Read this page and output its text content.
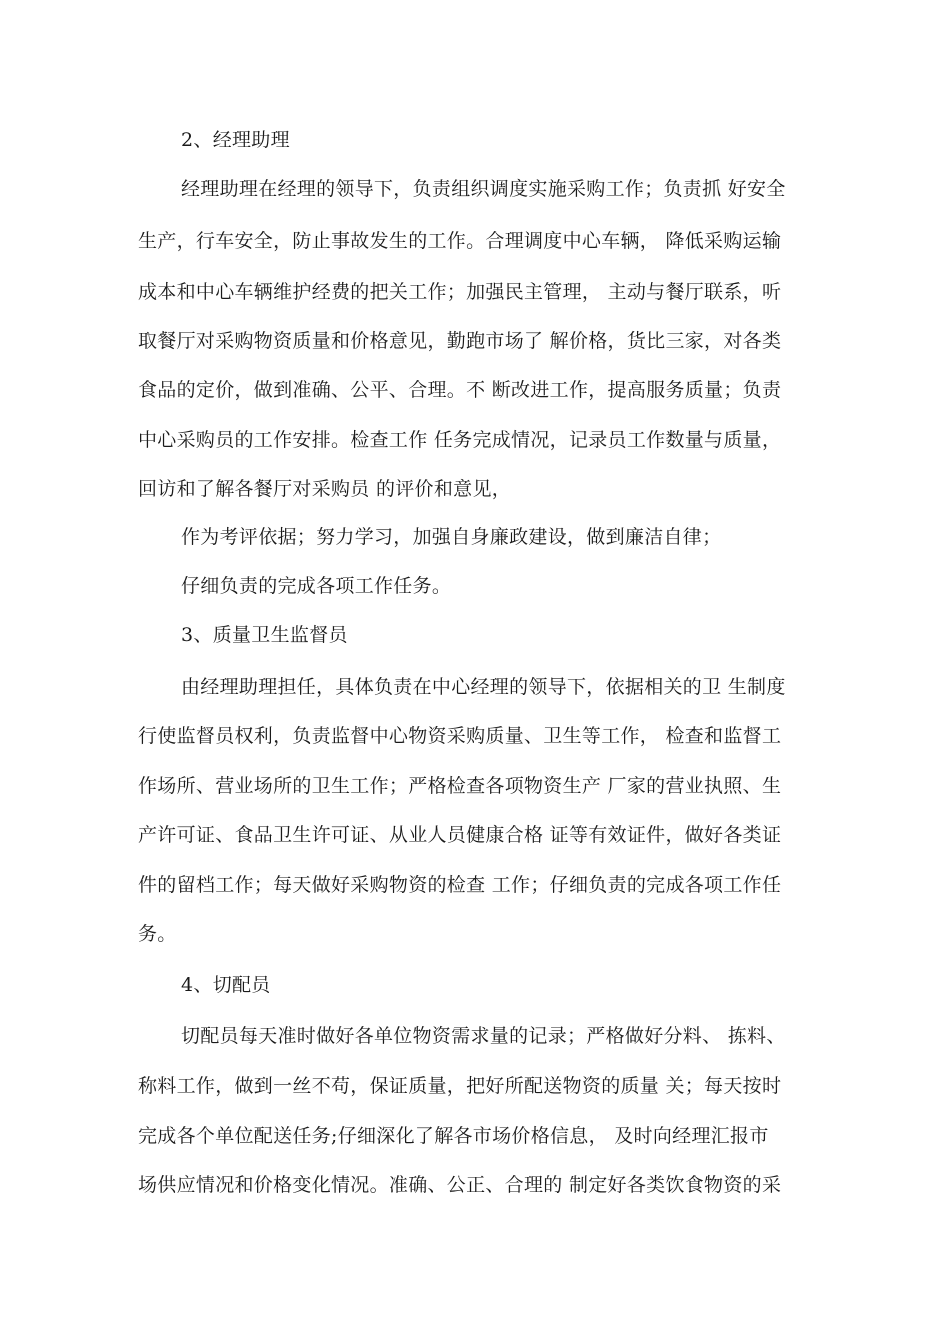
2、经理助理

经理助理在经理的领导下，负责组织调度实施采购工作；负责抓 好安全

生产，行车安全，防止事故发生的工作。合理调度中心车辆， 降低采购运输

成本和中心车辆维护经费的把关工作；加强民主管理， 主动与餐厅联系，听

取餐厅对采购物资质量和价格意见，勤跑市场了 解价格，货比三家，对各类

食品的定价，做到准确、公平、合理。不 断改进工作，提高服务质量；负责

中心采购员的工作安排。检查工作 任务完成情况，记录员工作数量与质量，

回访和了解各餐厅对采购员 的评价和意见，

作为考评依据；努力学习，加强自身廉政建设，做到廉洁自律；

仔细负责的完成各项工作任务。

3、质量卫生监督员

由经理助理担任，具体负责在中心经理的领导下，依据相关的卫 生制度

行使监督员权利，负责监督中心物资采购质量、卫生等工作， 检查和监督工

作场所、营业场所的卫生工作；严格检查各项物资生产 厂家的营业执照、生

产许可证、食品卫生许可证、从业人员健康合格 证等有效证件，做好各类证

件的留档工作；每天做好采购物资的检查 工作；仔细负责的完成各项工作任

务。

4、切配员

切配员每天准时做好各单位物资需求量的记录；严格做好分料、 拣料、

称料工作，做到一丝不苟，保证质量，把好所配送物资的质量 关；每天按时

完成各个单位配送任务;仔细深化了解各市场价格信息， 及时向经理汇报市

场供应情况和价格变化情况。准确、公正、合理的 制定好各类饮食物资的采
